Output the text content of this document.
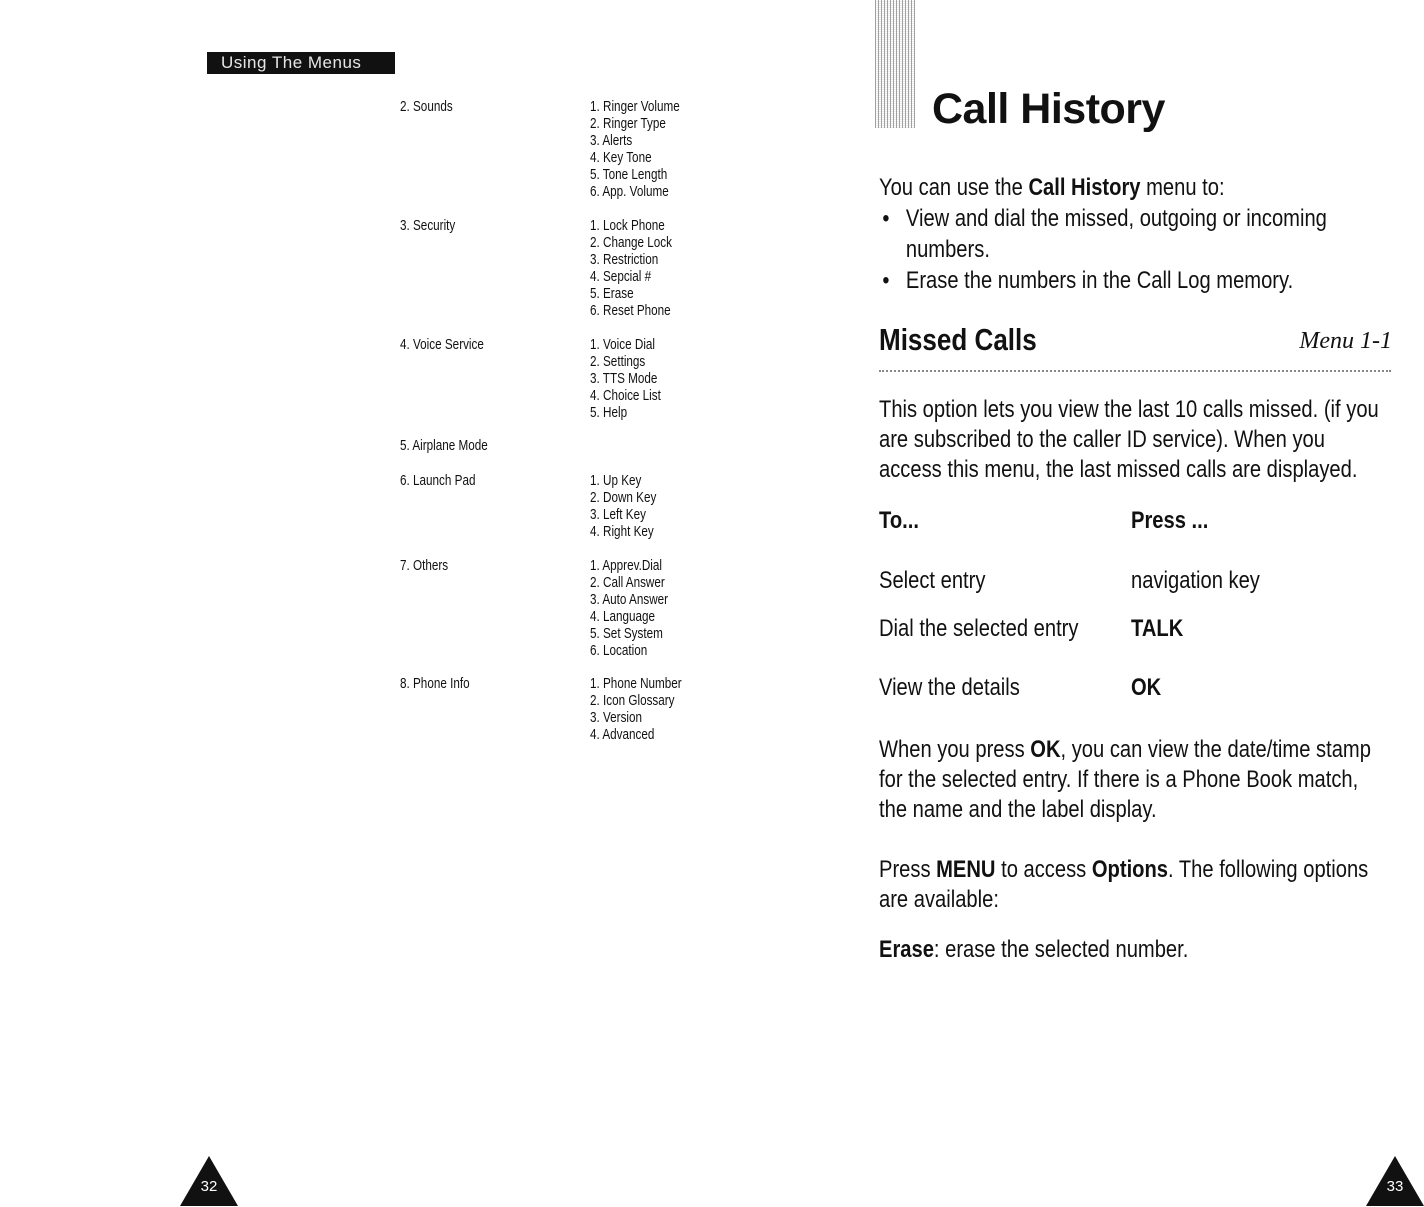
Using The Menus
2. Sounds	1. Ringer Volume
2. Ringer Type
3. Alerts
4. Key Tone
5. Tone Length
6. App. Volume
3. Security	1. Lock Phone
2. Change Lock
3. Restriction
4. Sepcial #
5. Erase
6. Reset Phone
4. Voice Service	1. Voice Dial
2. Settings
3. TTS Mode
4. Choice List
5. Help
5. Airplane Mode
6. Launch Pad	1. Up Key
2. Down Key
3. Left Key
4. Right Key
7. Others	1. Apprev.Dial
2. Call Answer
3. Auto Answer
4. Language
5. Set System
6. Location
8. Phone Info	1. Phone Number
2. Icon Glossary
3. Version
4. Advanced
32
Call History
You can use the Call History menu to:
• View and dial the missed, outgoing or incoming
numbers.
• Erase the numbers in the Call Log memory.
Missed Calls	Menu 1-1
This option lets you view the last 10 calls missed. (if you
are subscribed to the caller ID service). When you
access this menu, the last missed calls are displayed.
To...	Press ...
Select entry	navigation key
Dial the selected entry TALK
View the details	OK
When you press OK, you can view the date/time stamp
for the selected entry. If there is a Phone Book match,
the name and the label display.
Press MENU to access Options. The following options
are available:
Erase: erase the selected number.
33
